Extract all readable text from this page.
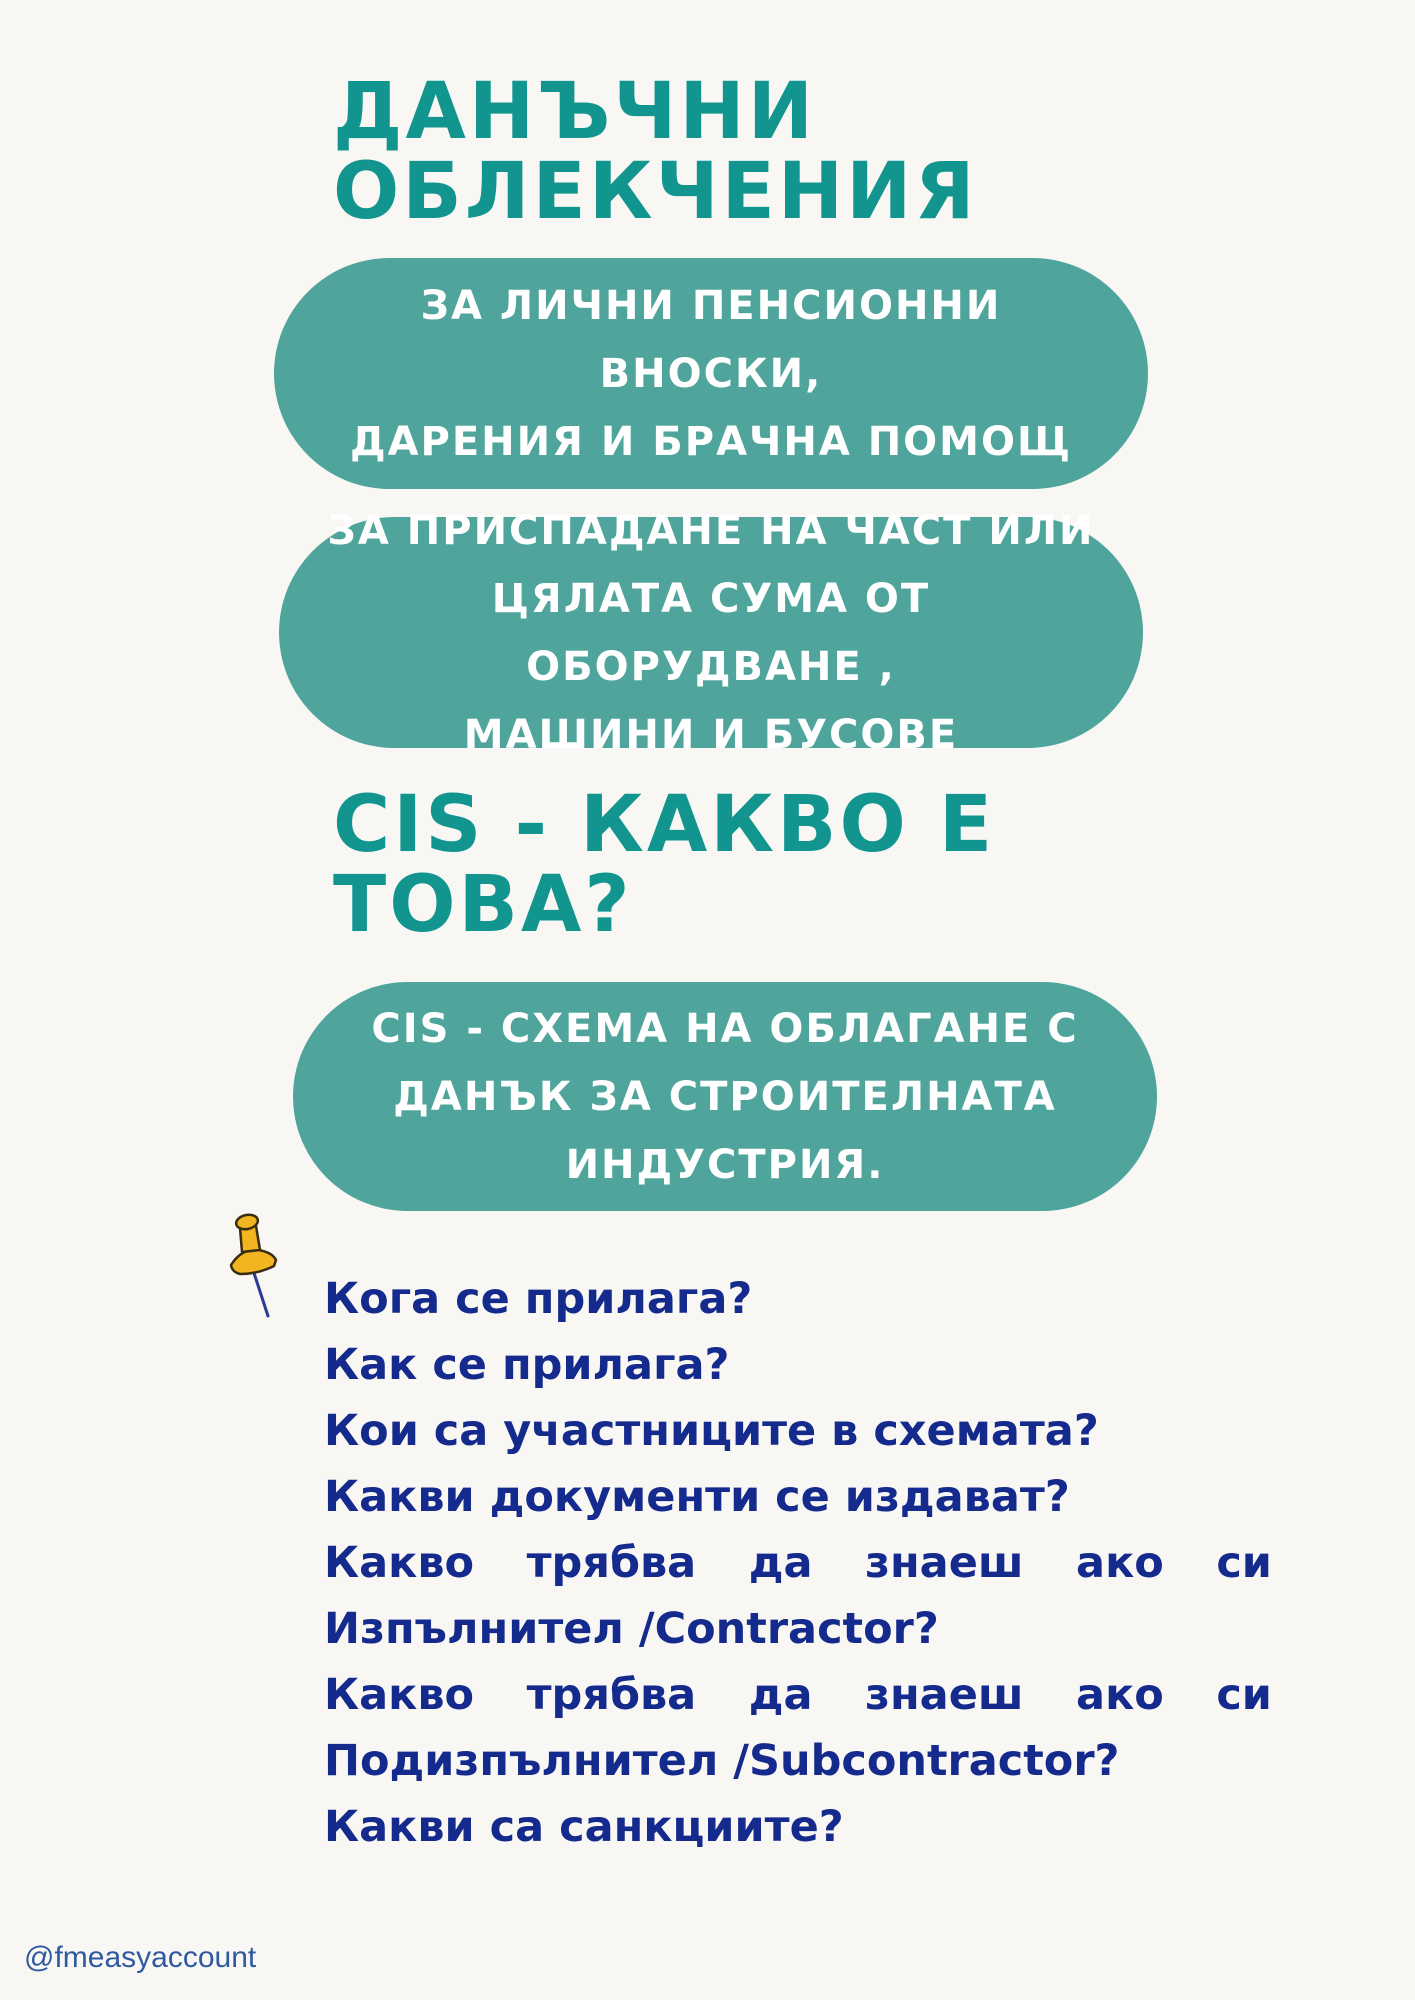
ДАНЪЧНИ
ОБЛЕКЧЕНИЯ
ЗА ЛИЧНИ ПЕНСИОННИ ВНОСКИ,
ДАРЕНИЯ И БРАЧНА ПОМОЩ
ЗА ПРИСПАДАНЕ НА ЧАСТ ИЛИ
ЦЯЛАТА СУМА ОТ ОБОРУДВАНЕ ,
МАШИНИ И БУСОВЕ
CIS - КАКВО Е
ТОВА?
CIS - СХЕМА НА ОБЛАГАНЕ С
ДАНЪК ЗА СТРОИТЕЛНАТА
ИНДУСТРИЯ.
Кога се прилага?
Как се прилага?
Кои са участниците в схемата?
Какви документи се издават?
Какво трябва да знаеш ако си
Изпълнител /Contractor?
Какво трябва да знаеш ако си
Подизпълнител /Subcontractor?
Какви са санкциите?
@fmeasyaccount
